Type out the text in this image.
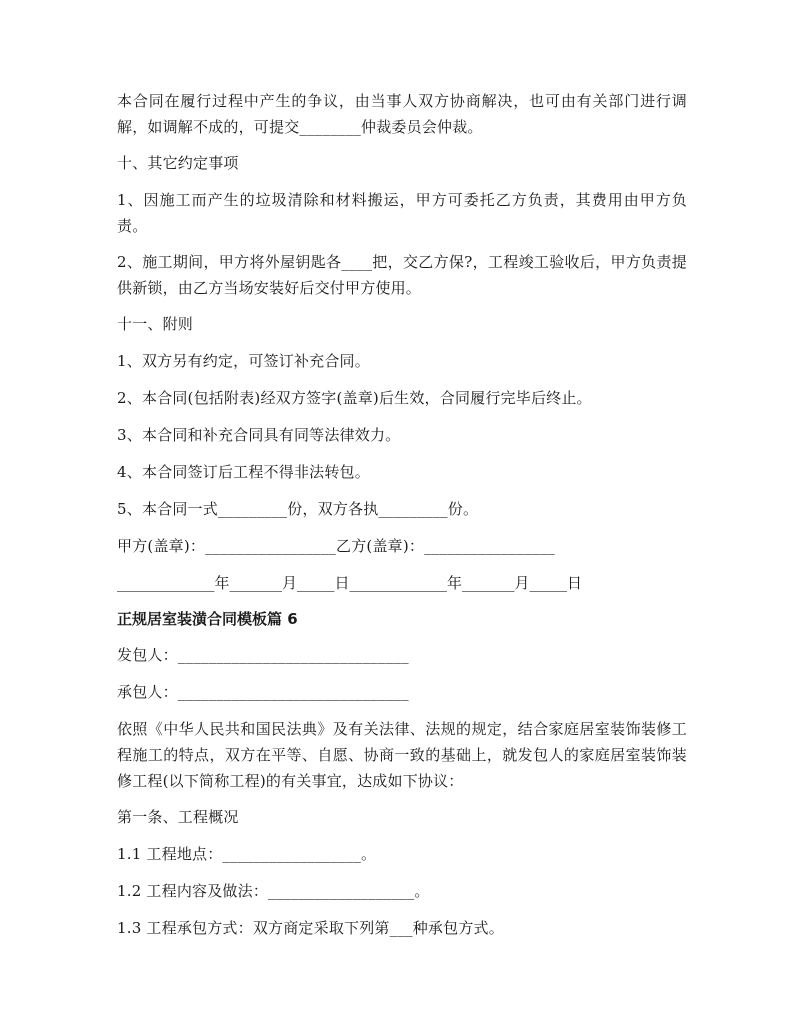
本合同在履行过程中产生的争议，由当事人双方协商解决，也可由有关部门进行调解，如调解不成的，可提交________仲裁委员会仲裁。

十、其它约定事项

1、因施工而产生的垃圾清除和材料搬运，甲方可委托乙方负责，其费用由甲方负责。

2、施工期间，甲方将外屋钥匙各____把，交乙方保?，工程竣工验收后，甲方负责提供新锁，由乙方当场安装好后交付甲方使用。

十一、附则

1、双方另有约定，可签订补充合同。

2、本合同(包括附表)经双方签字(盖章)后生效，合同履行完毕后终止。

3、本合同和补充合同具有同等法律效力。

4、本合同签订后工程不得非法转包。

5、本合同一式_________份，双方各执_________份。

甲方(盖章)：_________________乙方(盖章)：_________________

_____________年_______月_____日_____________年_______月_____日
正规居室装潢合同模板篇 6

发包人：______________________________

承包人：______________________________

依照《中华人民共和国民法典》及有关法律、法规的规定，结合家庭居室装饰装修工程施工的特点，双方在平等、自愿、协商一致的基础上，就发包人的家庭居室装饰装修工程(以下简称工程)的有关事宜，达成如下协议：

第一条、工程概况

1.1 工程地点：__________________。

1.2 工程内容及做法：___________________。

1.3 工程承包方式：双方商定采取下列第___种承包方式。
